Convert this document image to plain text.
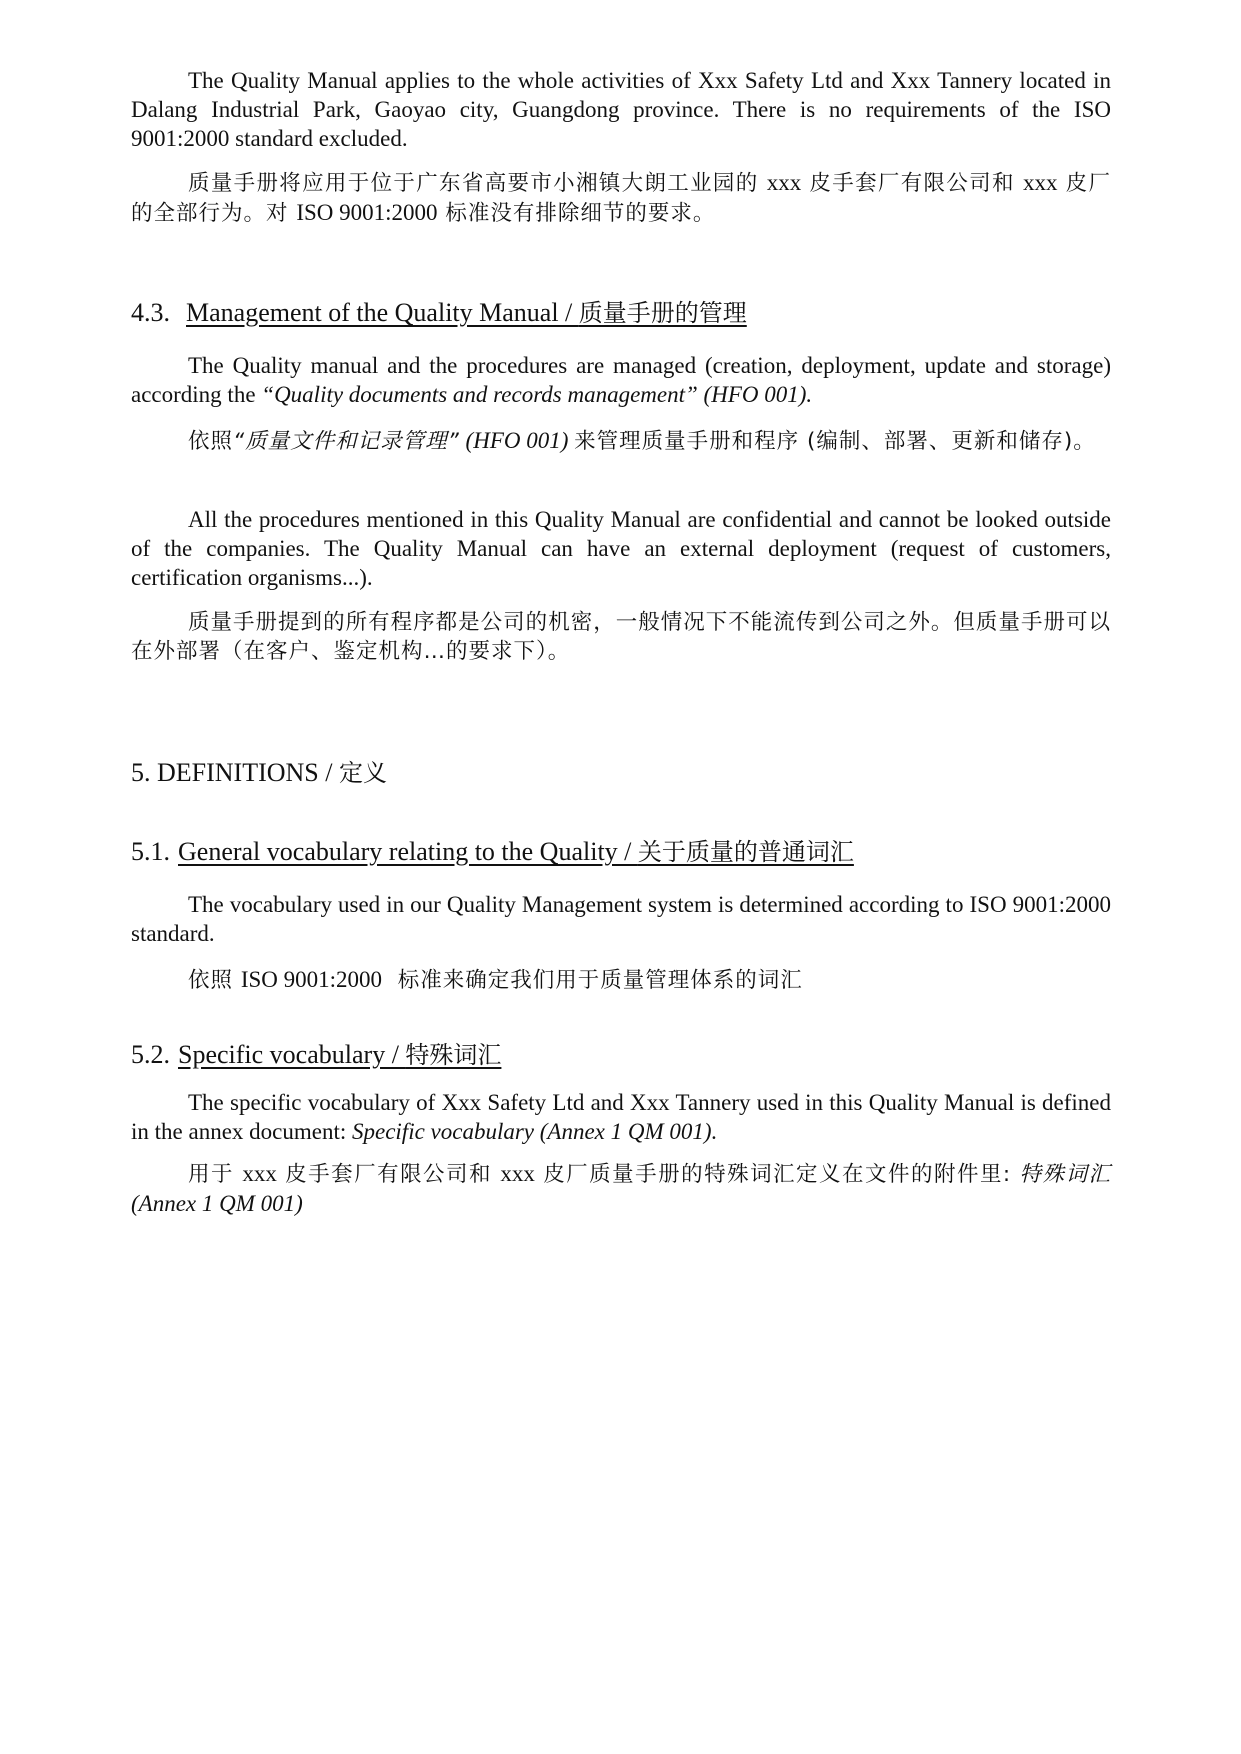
The Quality Manual applies to the whole activities of Xxx Safety Ltd and Xxx Tannery located in Dalang Industrial Park, Gaoyao city, Guangdong province. There is no requirements of the ISO 9001:2000 standard excluded.

质量手册将应用于位于广东省高要市小湘镇大朗工业园的 xxx 皮手套厂有限公司和 xxx 皮厂的全部行为。对 ISO 9001:2000 标准没有排除细节的要求。

4.3. Management of the Quality Manual / 质量手册的管理

The Quality manual and the procedures are managed (creation, deployment, update and storage) according the “Quality documents and records management” (HFO 001).

依照“质量文件和记录管理” (HFO 001) 来管理质量手册和程序 (编制、部署、更新和储存)。

All the procedures mentioned in this Quality Manual are confidential and cannot be looked outside of the companies. The Quality Manual can have an external deployment (request of customers, certification organisms...).

质量手册提到的所有程序都是公司的机密，一般情况下不能流传到公司之外。但质量手册可以在外部署（在客户、鉴定机构…的要求下）。

5. DEFINITIONS / 定义
5.1. General vocabulary relating to the Quality / 关于质量的普通词汇

The vocabulary used in our Quality Management system is determined according to ISO 9001:2000 standard.

依照 ISO 9001:2000 标准来确定我们用于质量管理体系的词汇

5.2. Specific vocabulary / 特殊词汇

The specific vocabulary of Xxx Safety Ltd and Xxx Tannery used in this Quality Manual is defined in the annex document: Specific vocabulary (Annex 1 QM 001).

用于 xxx 皮手套厂有限公司和 xxx 皮厂质量手册的特殊词汇定义在文件的附件里: 特殊词汇(Annex 1 QM 001)
